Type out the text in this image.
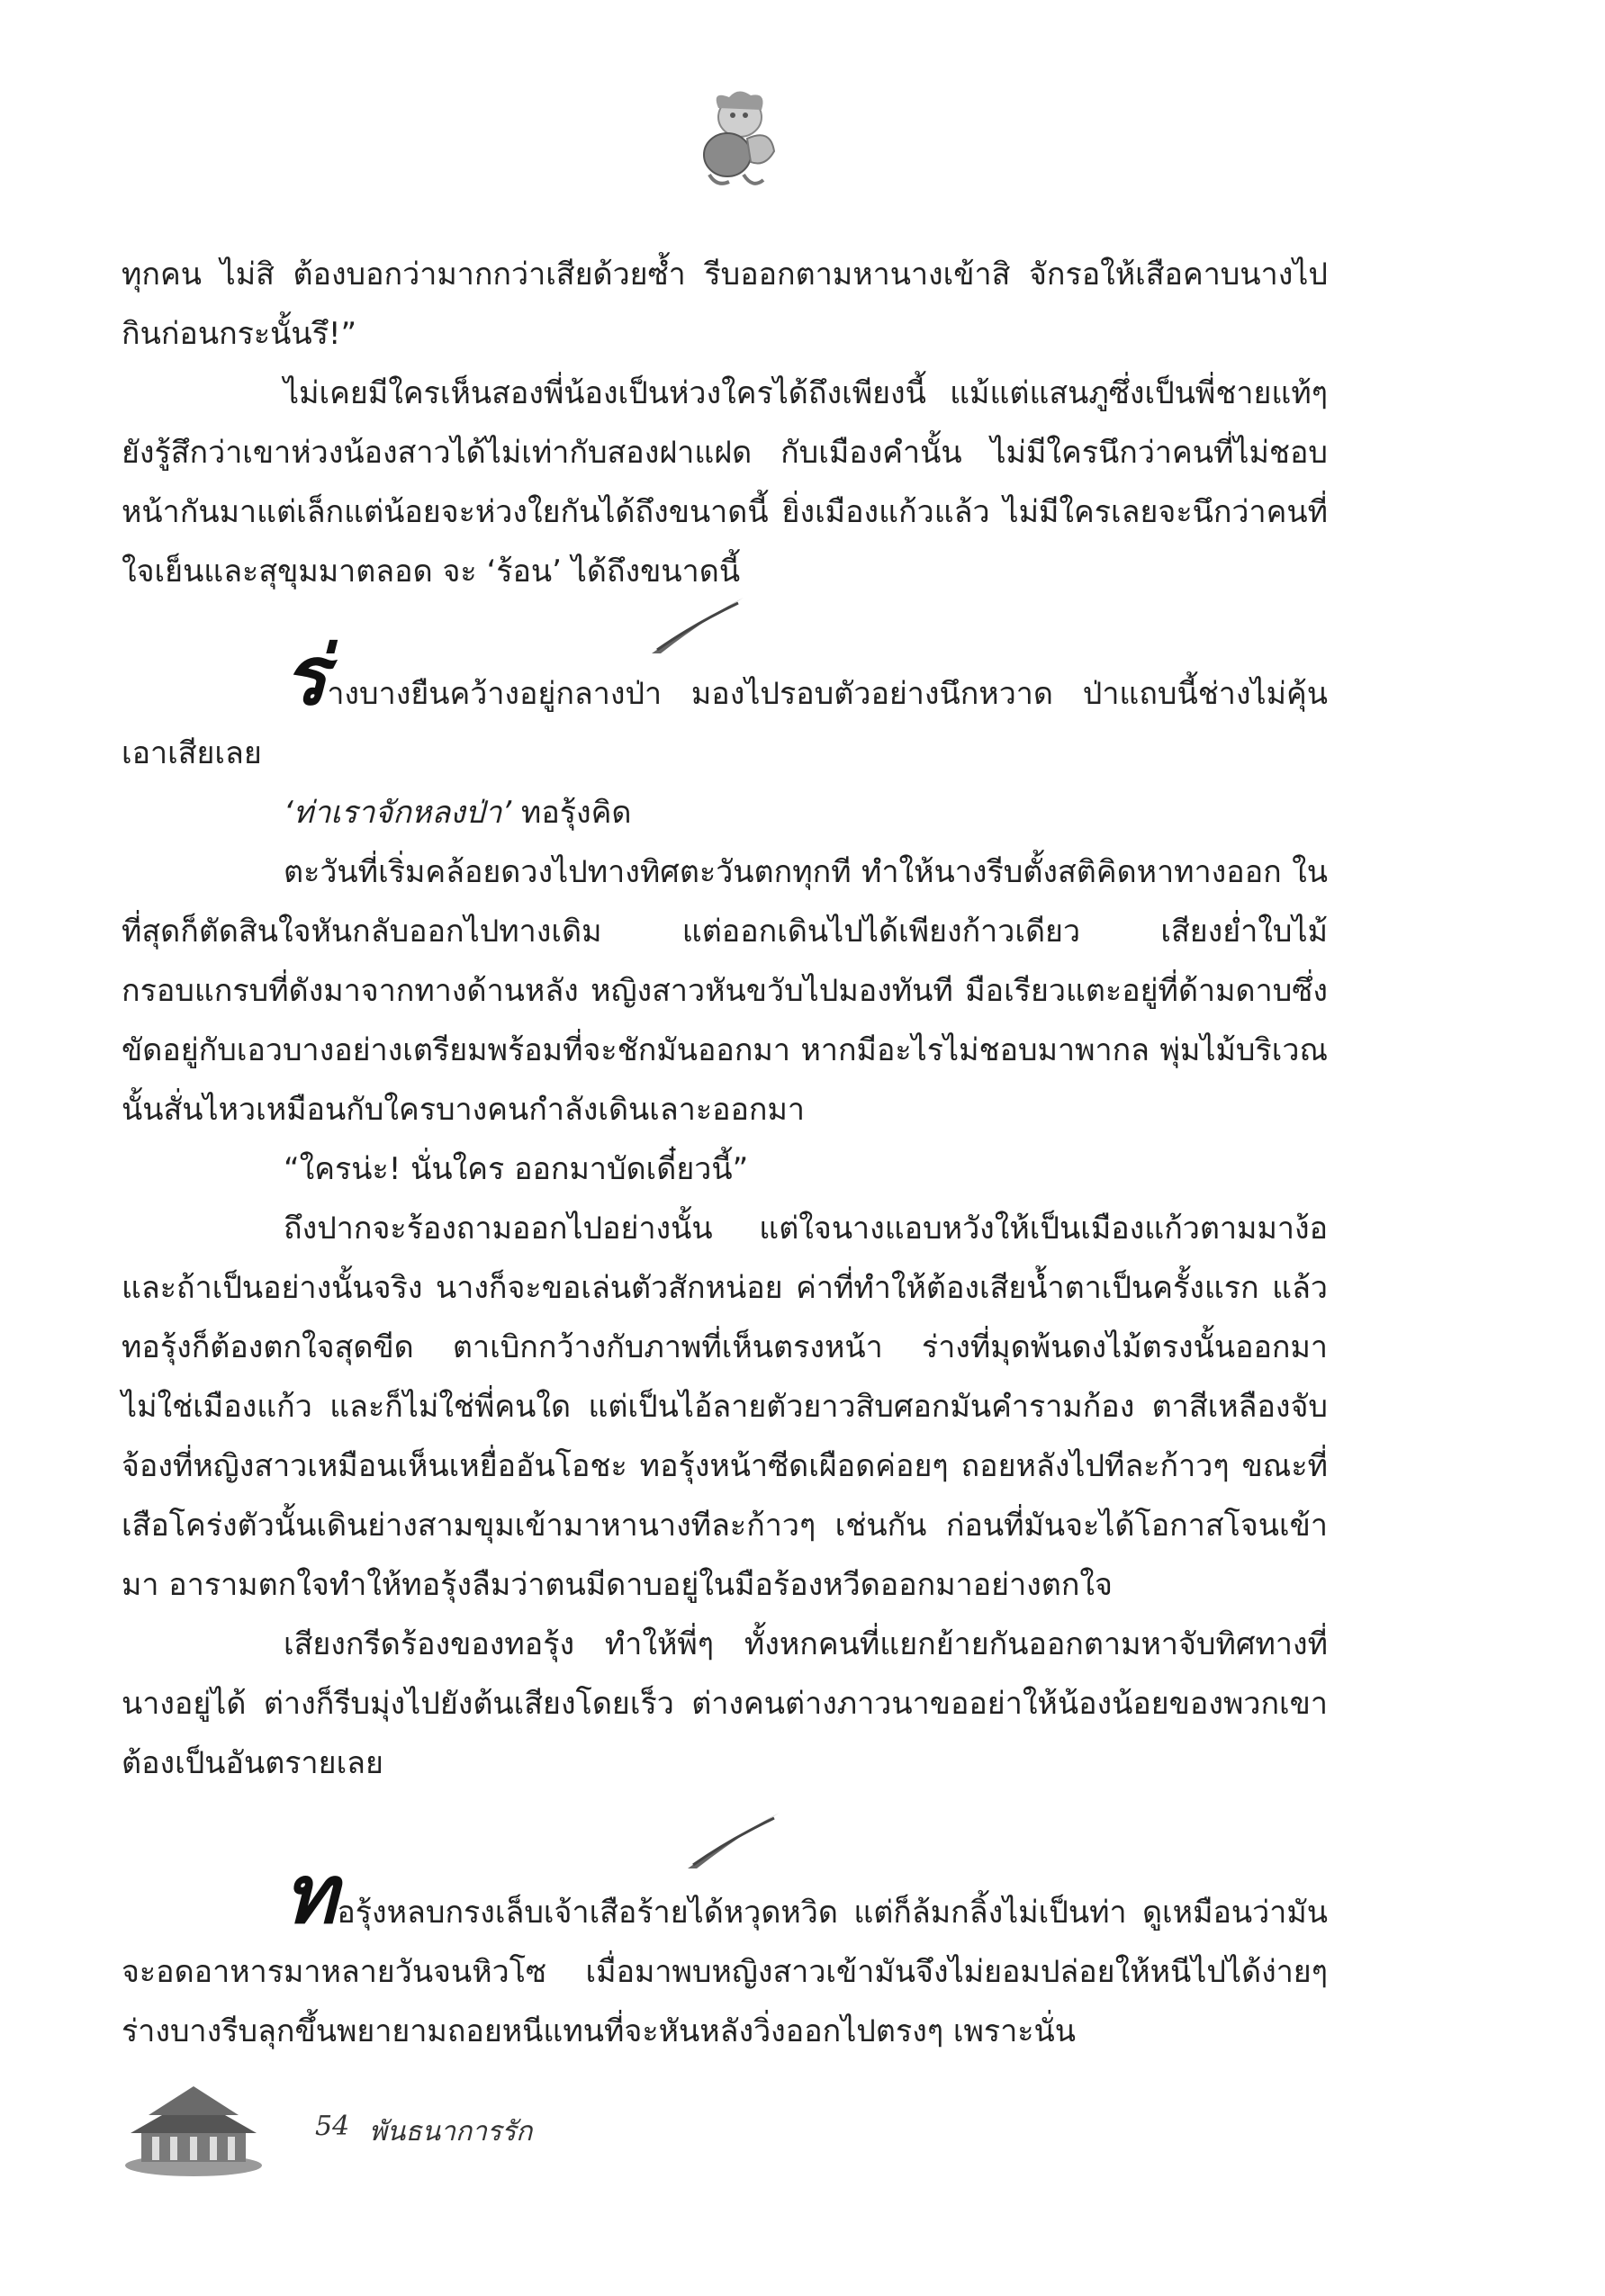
ทุกคน ไม่สิ ต้องบอกว่ามากกว่าเสียด้วยซ้ำ รีบออกตามหานางเข้าสิ จักรอให้เสือคาบนางไปกินก่อนกระนั้นรึ!”

ไม่เคยมีใครเห็นสองพี่น้องเป็นห่วงใครได้ถึงเพียงนี้ แม้แต่แสนภูซึ่งเป็นพี่ชายแท้ๆ ยังรู้สึกว่าเขาห่วงน้องสาวได้ไม่เท่ากับสองฝาแฝด กับเมืองคำนั้น ไม่มีใครนึกว่าคนที่ไม่ชอบหน้ากันมาแต่เล็กแต่น้อยจะห่วงใยกันได้ถึงขนาดนี้ ยิ่งเมืองแก้วแล้ว ไม่มีใครเลยจะนึกว่าคนที่ใจเย็นและสุขุมมาตลอด จะ ‘ร้อน’ ได้ถึงขนาดนี้

ร่างบางยืนคว้างอยู่กลางป่า มองไปรอบตัวอย่างนึกหวาด ป่าแถบนี้ช่างไม่คุ้นเอาเสียเลย

‘ท่าเราจักหลงป่า’ ทอรุ้งคิด

ตะวันที่เริ่มคล้อยดวงไปทางทิศตะวันตกทุกที ทำให้นางรีบตั้งสติคิดหาทางออก ในที่สุดก็ตัดสินใจหันกลับออกไปทางเดิม แต่ออกเดินไปได้เพียงก้าวเดียว เสียงย่ำใบไม้กรอบแกรบที่ดังมาจากทางด้านหลัง หญิงสาวหันขวับไปมองทันที มือเรียวแตะอยู่ที่ด้ามดาบซึ่งขัดอยู่กับเอวบางอย่างเตรียมพร้อมที่จะชักมันออกมา หากมีอะไรไม่ชอบมาพากล พุ่มไม้บริเวณนั้นสั่นไหวเหมือนกับใครบางคนกำลังเดินเลาะออกมา

“ใครน่ะ! นั่นใคร ออกมาบัดเดี๋ยวนี้”

ถึงปากจะร้องถามออกไปอย่างนั้น แต่ใจนางแอบหวังให้เป็นเมืองแก้วตามมาง้อ และถ้าเป็นอย่างนั้นจริง นางก็จะขอเล่นตัวสักหน่อย ค่าที่ทำให้ต้องเสียน้ำตาเป็นครั้งแรก แล้วทอรุ้งก็ต้องตกใจสุดขีด ตาเบิกกว้างกับภาพที่เห็นตรงหน้า ร่างที่มุดพ้นดงไม้ตรงนั้นออกมา ไม่ใช่เมืองแก้ว และก็ไม่ใช่พี่คนใด แต่เป็นไอ้ลายตัวยาวสิบศอกมันคำรามก้อง ตาสีเหลืองจับจ้องที่หญิงสาวเหมือนเห็นเหยื่ออันโอชะ ทอรุ้งหน้าซีดเผือดค่อยๆ ถอยหลังไปทีละก้าวๆ ขณะที่เสือโคร่งตัวนั้นเดินย่างสามขุมเข้ามาหานางทีละก้าวๆ เช่นกัน ก่อนที่มันจะได้โอกาสโจนเข้ามา อารามตกใจทำให้ทอรุ้งลืมว่าตนมีดาบอยู่ในมือร้องหวีดออกมาอย่างตกใจ

เสียงกรีดร้องของทอรุ้ง ทำให้พี่ๆ ทั้งหกคนที่แยกย้ายกันออกตามหาจับทิศทางที่นางอยู่ได้ ต่างก็รีบมุ่งไปยังต้นเสียงโดยเร็ว ต่างคนต่างภาวนาขออย่าให้น้องน้อยของพวกเขาต้องเป็นอันตรายเลย

ทอรุ้งหลบกรงเล็บเจ้าเสือร้ายได้หวุดหวิด แต่ก็ล้มกลิ้งไม่เป็นท่า ดูเหมือนว่ามันจะอดอาหารมาหลายวันจนหิวโซ เมื่อมาพบหญิงสาวเข้ามันจึงไม่ยอมปล่อยให้หนีไปได้ง่ายๆ ร่างบางรีบลุกขึ้นพยายามถอยหนีแทนที่จะหันหลังวิ่งออกไปตรงๆ เพราะนั่น

54 พันธนาการรัก
